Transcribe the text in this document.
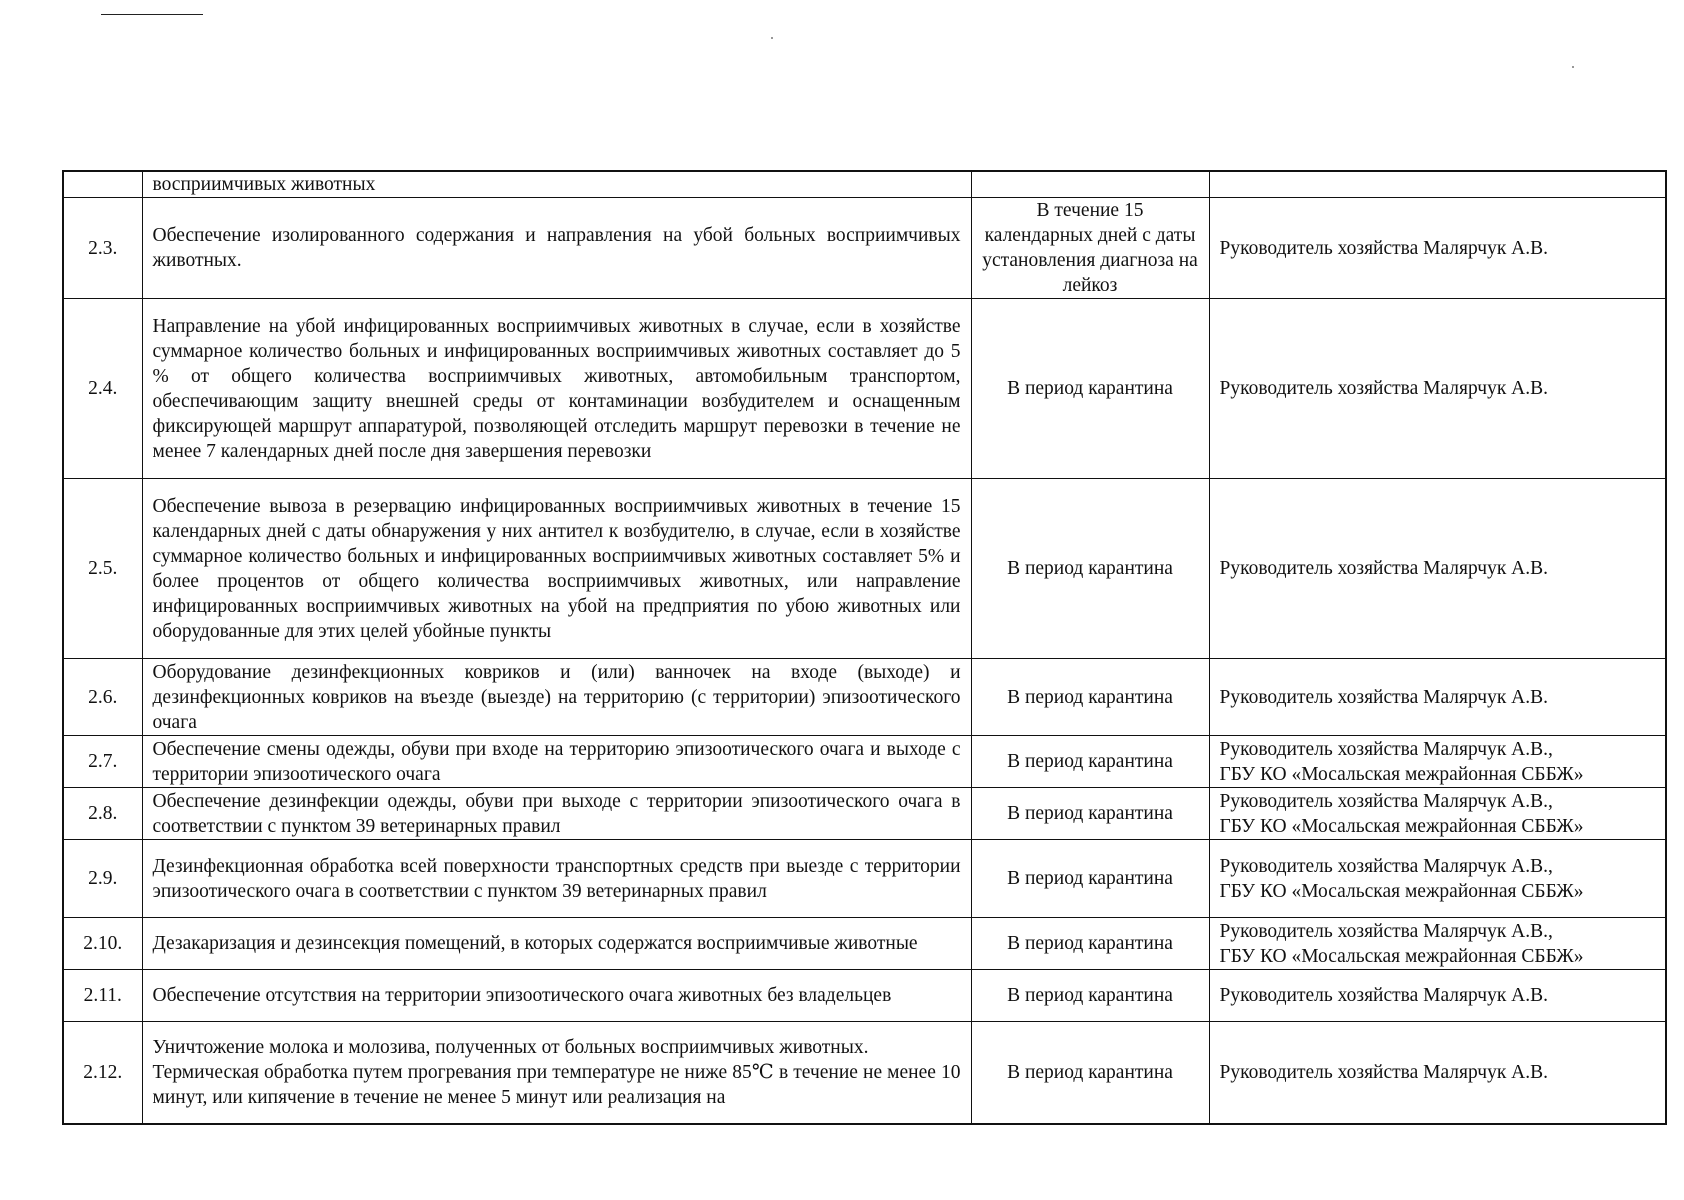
	восприимчивых животных		
2.3.	Обеспечение изолированного содержания и направления на убой больных восприимчивых животных.	В течение 15 календарных дней с даты установления диагноза на лейкоз	Руководитель хозяйства Малярчук А.В.

2.4.	Направление на убой инфицированных восприимчивых животных в случае, если в хозяйстве суммарное количество больных и инфицированных восприимчивых животных составляет до 5 % от общего количества восприимчивых животных, автомобильным транспортом, обеспечивающим защиту внешней среды от контаминации возбудителем и оснащенным фиксирующей маршрут аппаратурой, позволяющей отследить маршрут перевозки в течение не менее 7 календарных дней после дня завершения перевозки	В период карантина	Руководитель хозяйства Малярчук А.В.

2.5.	Обеспечение вывоза в резервацию инфицированных восприимчивых животных в течение 15 календарных дней с даты обнаружения у них антител к возбудителю, в случае, если в хозяйстве суммарное количество больных и инфицированных восприимчивых животных составляет 5% и более процентов от общего количества восприимчивых животных, или направление инфицированных восприимчивых животных на убой на предприятия по убою животных или оборудованные для этих целей убойные пункты	В период карантина	Руководитель хозяйства Малярчук А.В.

2.6.	Оборудование дезинфекционных ковриков и (или) ванночек на входе (выходе) и дезинфекционных ковриков на въезде (выезде) на территорию (с территории) эпизоотического очага	В период карантина	Руководитель хозяйства Малярчук А.В.

2.7.	Обеспечение смены одежды, обуви при входе на территорию эпизоотического очага и выходе с территории эпизоотического очага	В период карантина	Руководитель хозяйства Малярчук А.В.,
ГБУ КО «Мосальская межрайонная СББЖ»

2.8.	Обеспечение дезинфекции одежды, обуви при выходе с территории эпизоотического очага в соответствии с пунктом 39 ветеринарных правил	В период карантина	Руководитель хозяйства Малярчук А.В.,
ГБУ КО «Мосальская межрайонная СББЖ»

2.9.	Дезинфекционная обработка всей поверхности транспортных средств при выезде с территории эпизоотического очага в соответствии с пунктом 39 ветеринарных правил	В период карантина	Руководитель хозяйства Малярчук А.В.,
ГБУ КО «Мосальская межрайонная СББЖ»

2.10.	Дезакаризация и дезинсекция помещений, в которых содержатся восприимчивые животные	В период карантина	Руководитель хозяйства Малярчук А.В.,
ГБУ КО «Мосальская межрайонная СББЖ»

2.11.	Обеспечение отсутствия на территории эпизоотического очага животных без владельцев	В период карантина	Руководитель хозяйства Малярчук А.В.

2.12.	Уничтожение молока и молозива, полученных от больных восприимчивых животных.
Термическая обработка путем прогревания при температуре не ниже 85℃ в течение не менее 10 минут, или кипячение в течение не менее 5 минут или реализация на	В период карантина	Руководитель хозяйства Малярчук А.В.
